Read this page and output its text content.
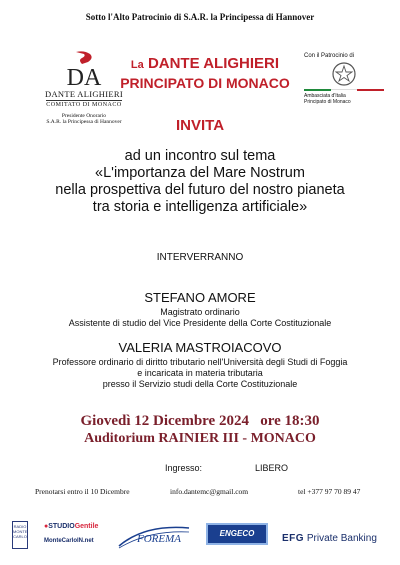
Sotto l'Alto Patrocinio di S.A.R. la Principessa di Hannover
DA
DANTE ALIGHIERI
COMITATO DI MONACO
Presidente Onorario
S.A.R. la Principessa di Hannover
La DANTE ALIGHIERI
PRINCIPATO DI MONACO
Con il Patrocinio di
Ambasciata d'Italia
Principato di Monaco
INVITA
ad un incontro sul tema
«L'importanza del Mare Nostrum
nella prospettiva del futuro del nostro pianeta
tra storia e intelligenza artificiale»
INTERVERRANNO
STEFANO AMORE
Magistrato ordinario
Assistente di studio del Vice Presidente della Corte Costituzionale
VALERIA MASTROIACOVO
Professore ordinario di diritto tributario nell'Università degli Studi di Foggia
e incaricata in materia tributaria
presso il Servizio studi della Corte Costituzionale
Giovedì 12 Dicembre 2024 ore 18:30
Auditorium RAINIER III - MONACO
Ingresso:	LIBERO
Prenotarsi entro il 10 Dicembre	info.dantemc@gmail.com	tel +377 97 70 89 47
RADIO MONTE CARLO
●STUDIOGentile
MonteCarloIN.net	FOREMA	ENGECO	EFG Private Banking
